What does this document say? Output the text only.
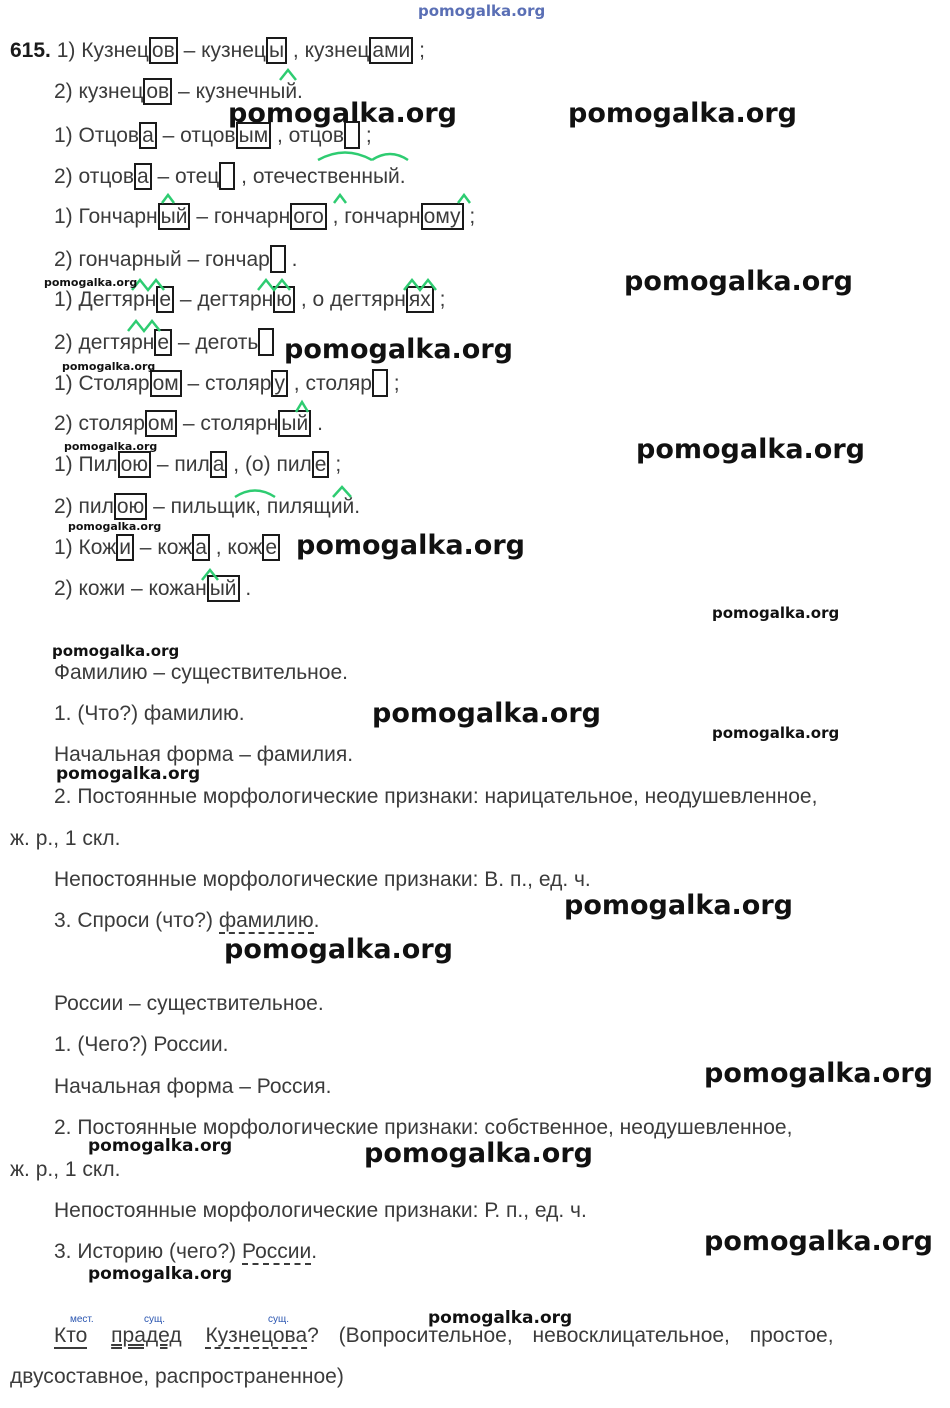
pomogalka.org
615. 1) Кузнец ов – кузнец ы , кузнец ами ;
2) кузнец ов – кузнечный.
1) Отцов а – отцов ым , отцов ;
2) отцов а – отец , отечественный.
1) Гончарн ый – гончарн ого , гончарн ому ;
2) гончарный – гончар .
1) Дегтярн е – дегтярн ю , о дегтярн ях ;
2) дегтярн е – деготь
1) Столяр ом – столяр у , столяр ;
2) столяр ом – столярн ый .
1) Пил ою – пил а , (о) пил е ;
2) пил ою – пильщик, пилящий.
1) Кож и – кож а , кож е
2) кожи – кожан ый .
Фамилию – существительное.
1. (Что?) фамилию.
Начальная форма – фамилия.
2. Постоянные морфологические признаки: нарицательное, неодушевленное,
ж. р., 1 скл.
Непостоянные морфологические признаки: В. п., ед. ч.
3. Спроси (что?) фамилию.
России – существительное.
1. (Чего?) России.
Начальная форма – Россия.
2. Постоянные морфологические признаки: собственное, неодушевленное,
ж. р., 1 скл.
Непостоянные морфологические признаки: Р. п., ед. ч.
3. Историю (чего?) России.
мест.	сущ.	сущ.
Кто прадед Кузнецова? (Вопросительное, невосклицательное, простое,
двусоставное, распространенное)
pomogalka.org	pomogalka.org
pomogalka.org
pomogalka.org
pomogalka.org
pomogalka.org
pomogalka.org	pomogalka.org
pomogalka.org
pomogalka.org
pomogalka.org
pomogalka.org
pomogalka.org
pomogalka.org
pomogalka.org
pomogalka.org
pomogalka.org
pomogalka.org
pomogalka.org	pomogalka.org
pomogalka.org
pomogalka.org
pomogalka.org
